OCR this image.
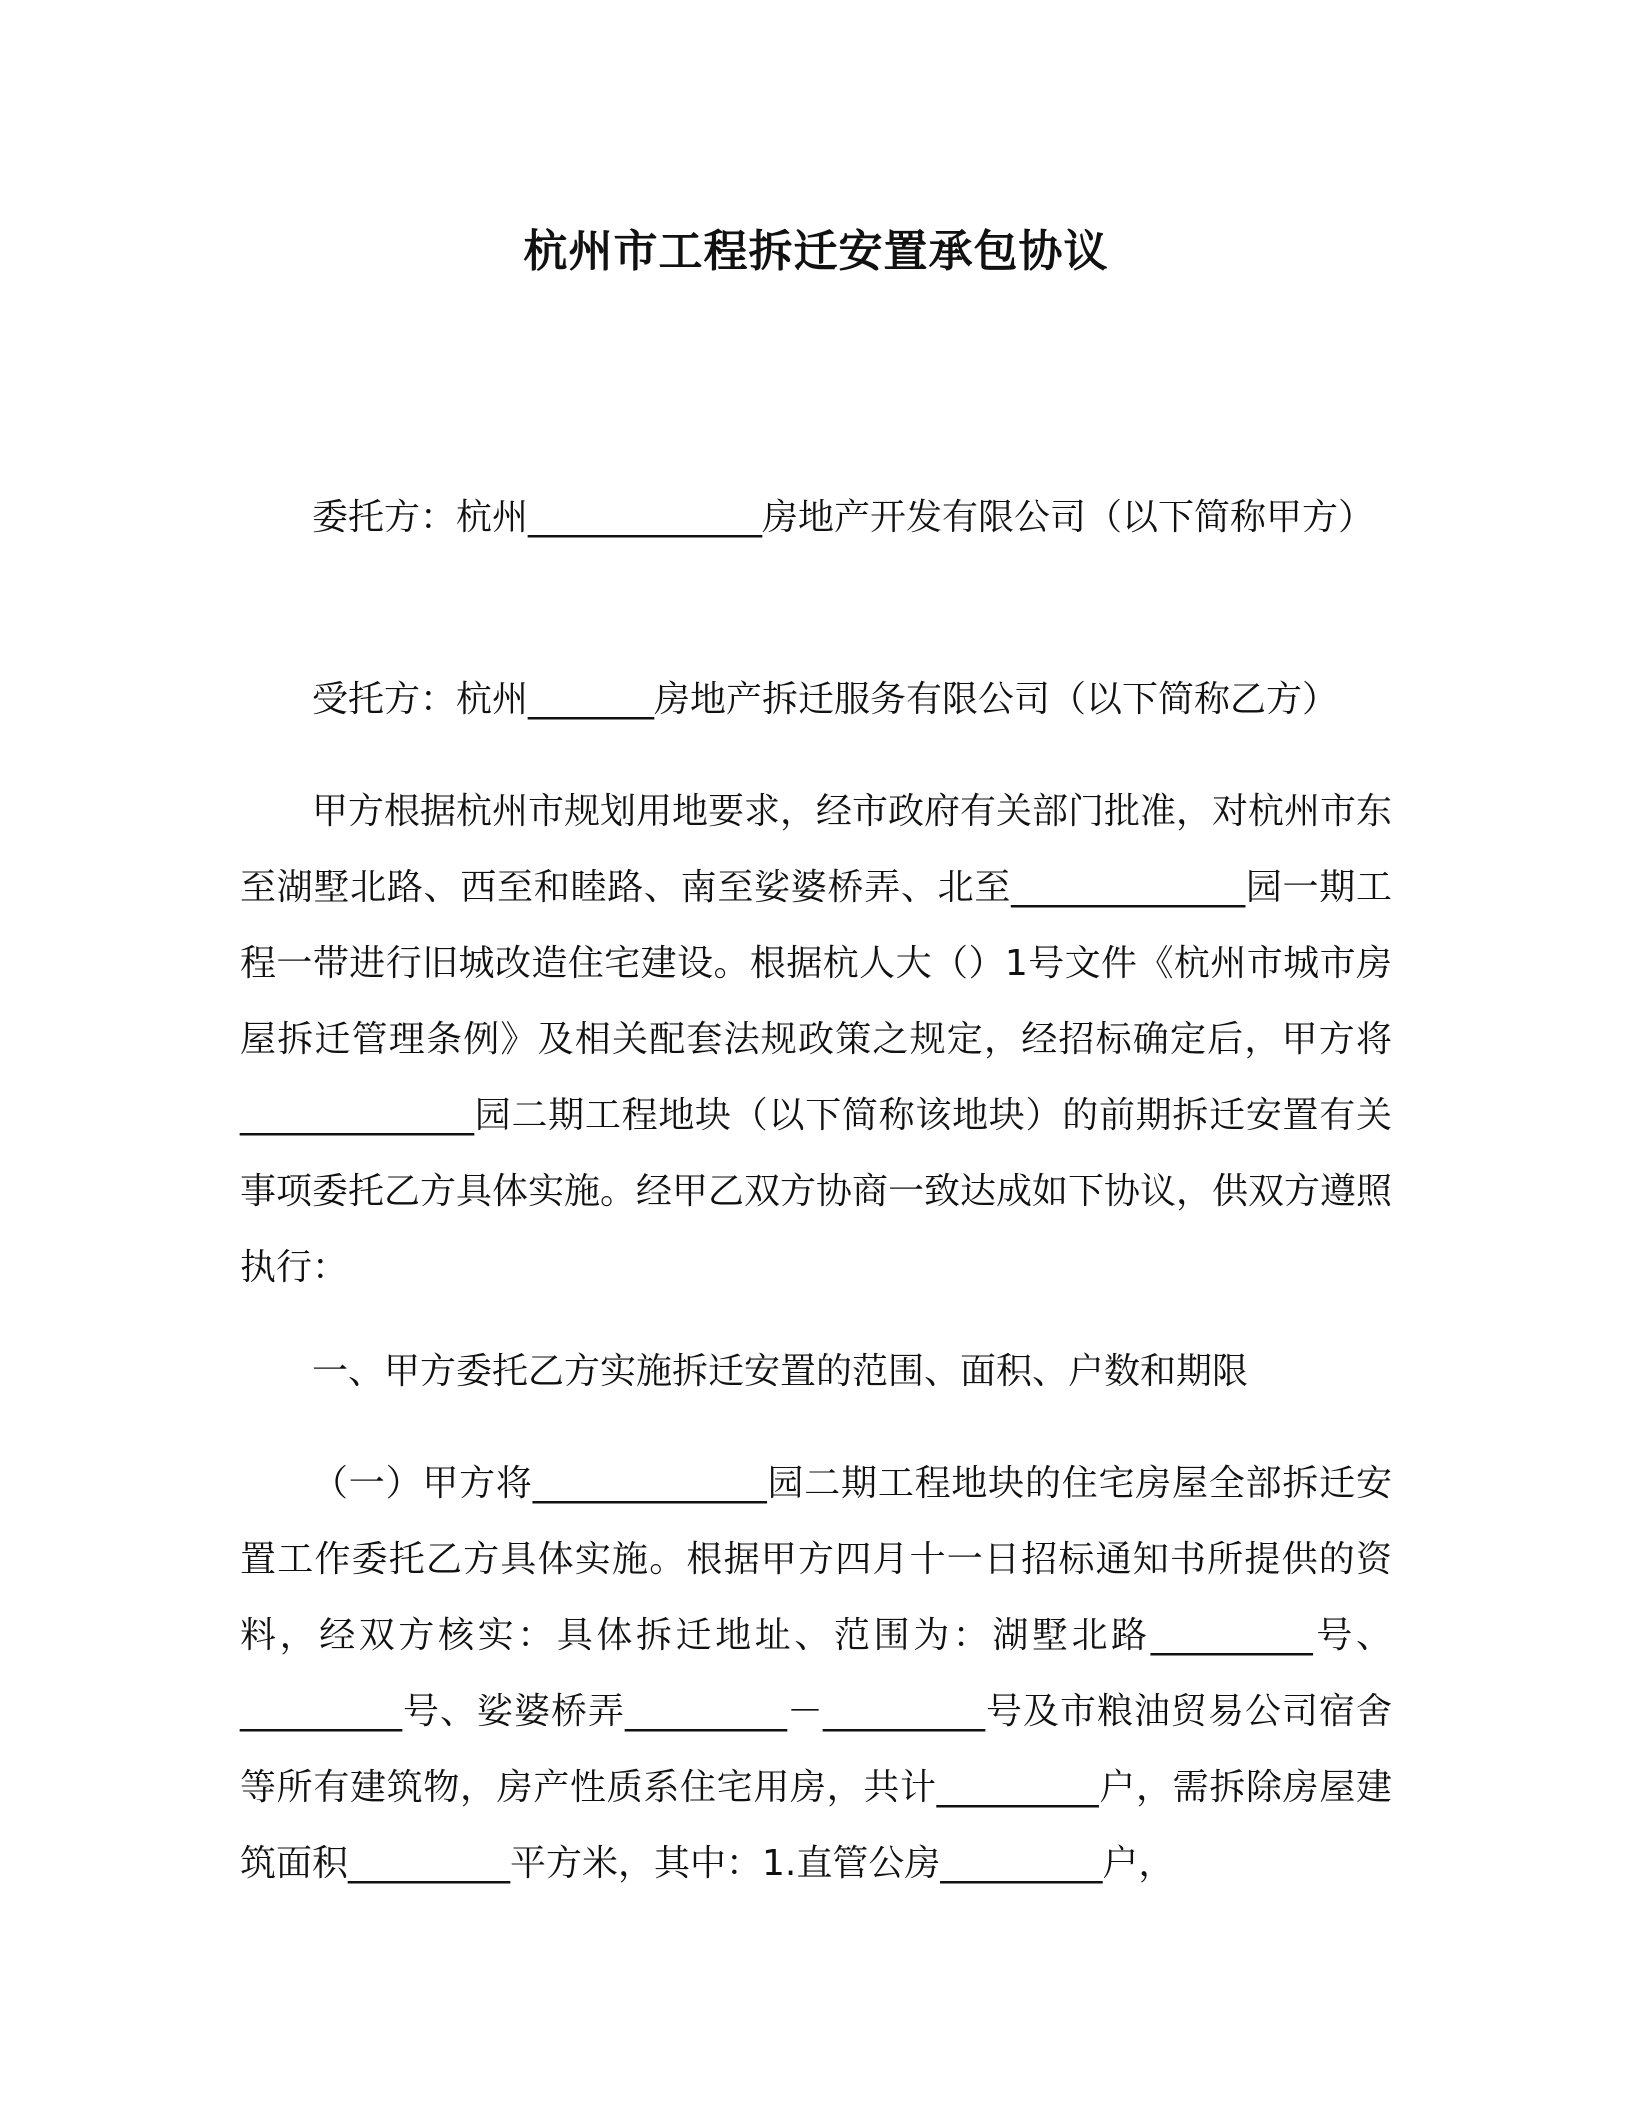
杭州市工程拆迁安置承包协议

委托方：杭州_____________房地产开发有限公司（以下简称甲方）

受托方：杭州_______房地产拆迁服务有限公司（以下简称乙方）

甲方根据杭州市规划用地要求，经市政府有关部门批准，对杭州市东至湖墅北路、西至和睦路、南至娑婆桥弄、北至_____________园一期工程一带进行旧城改造住宅建设。根据杭人大（）1号文件《杭州市城市房屋拆迁管理条例》及相关配套法规政策之规定，经招标确定后，甲方将_____________园二期工程地块（以下简称该地块）的前期拆迁安置有关事项委托乙方具体实施。经甲乙双方协商一致达成如下协议，供双方遵照执行：

一、甲方委托乙方实施拆迁安置的范围、面积、户数和期限

（一）甲方将_____________园二期工程地块的住宅房屋全部拆迁安置工作委托乙方具体实施。根据甲方四月十一日招标通知书所提供的资料，经双方核实：具体拆迁地址、范围为：湖墅北路_________号、_________号、娑婆桥弄_________－_________号及市粮油贸易公司宿舍等所有建筑物，房产性质系住宅用房，共计_________户，需拆除房屋建筑面积_________平方米，其中：1.直管公房_________户，
